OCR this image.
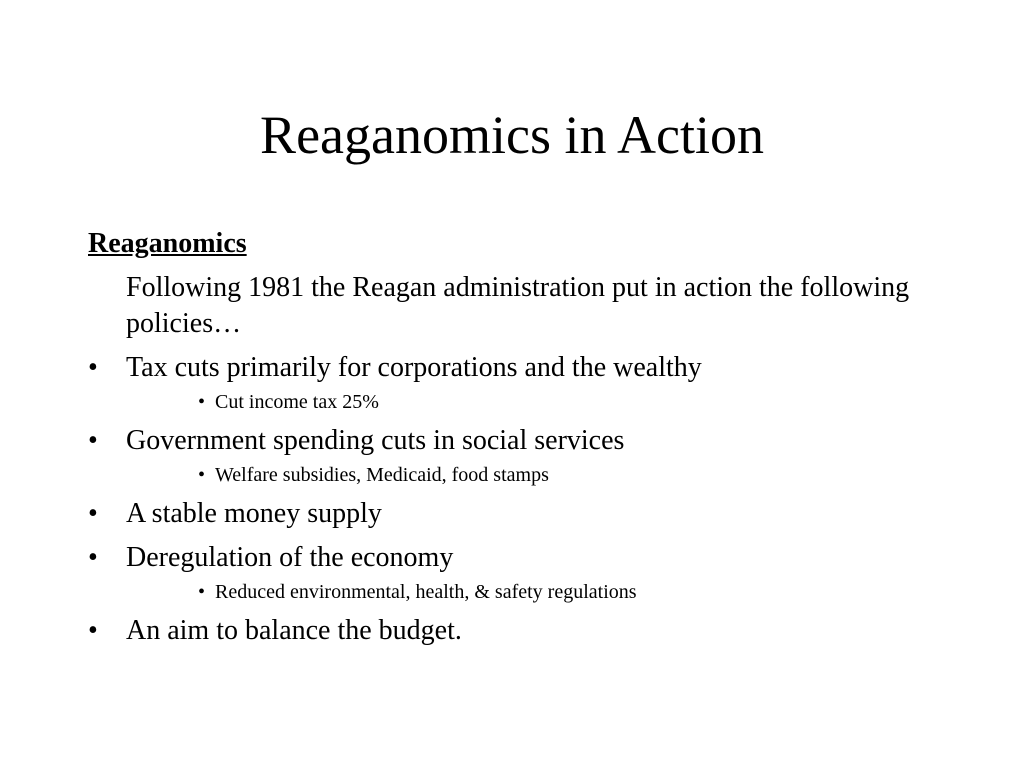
Reaganomics in Action
Reaganomics
Following 1981 the Reagan administration put in action the following policies…
• Tax cuts primarily for corporations and the wealthy
• Cut income tax 25%
• Government spending cuts in social services
• Welfare subsidies, Medicaid, food stamps
• A stable money supply
• Deregulation of the economy
• Reduced environmental, health, & safety regulations
• An aim to balance the budget.
